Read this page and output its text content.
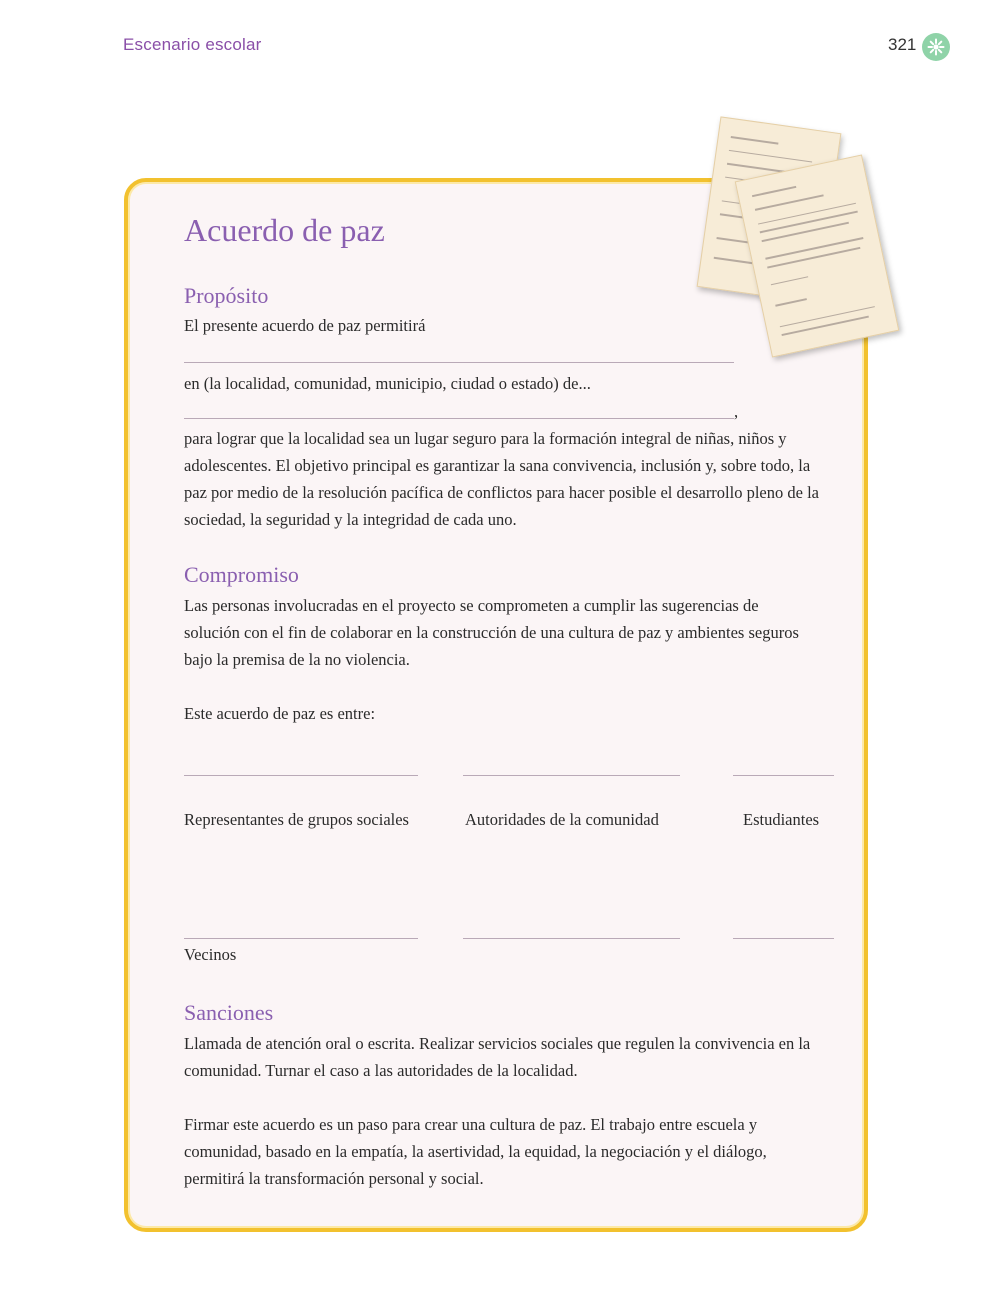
Escenario escolar	321
Acuerdo de paz
Propósito
El presente acuerdo de paz permitirá
en (la localidad, comunidad, municipio, ciudad o estado) de...
,
para lograr que la localidad sea un lugar seguro para la formación integral de niñas, niños y adolescentes. El objetivo principal es garantizar la sana convivencia, inclusión y, sobre todo, la paz por medio de la resolución pacífica de conflictos para hacer posible el desarrollo pleno de la sociedad, la seguridad y la integridad de cada uno.
Compromiso
Las personas involucradas en el proyecto se comprometen a cumplir las sugerencias de solución con el fin de colaborar en la construcción de una cultura de paz y ambientes seguros bajo la premisa de la no violencia.
Este acuerdo de paz es entre:
Representantes de grupos sociales	Autoridades de la comunidad	Estudiantes
Vecinos
Sanciones
Llamada de atención oral o escrita. Realizar servicios sociales que regulen la convivencia en la comunidad. Turnar el caso a las autoridades de la localidad.
Firmar este acuerdo es un paso para crear una cultura de paz. El trabajo entre escuela y comunidad, basado en la empatía, la asertividad, la equidad, la negociación y el diálogo, permitirá la transformación personal y social.
